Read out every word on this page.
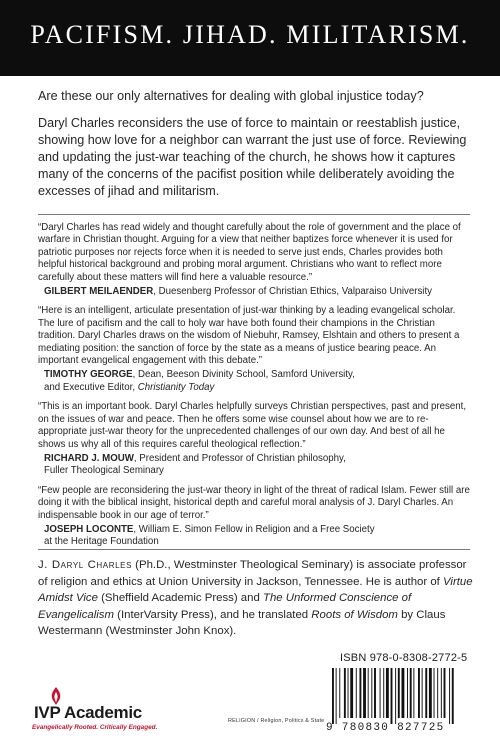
PACIFISM. JIHAD. MILITARISM.

Are these our only alternatives for dealing with global injustice today?

Daryl Charles reconsiders the use of force to maintain or reestablish justice, showing how love for a neighbor can warrant the just use of force. Reviewing and updating the just-war teaching of the church, he shows how it captures many of the concerns of the pacifist position while deliberately avoiding the excesses of jihad and militarism.

“Daryl Charles has read widely and thought carefully about the role of government and the place of warfare in Christian thought. Arguing for a view that neither baptizes force whenever it is used for patriotic purposes nor rejects force when it is needed to serve just ends, Charles provides both helpful historical background and probing moral argument. Christians who want to reflect more carefully about these matters will find here a valuable resource.”
GILBERT MEILAENDER, Duesenberg Professor of Christian Ethics, Valparaiso University
“Here is an intelligent, articulate presentation of just-war thinking by a leading evangelical scholar. The lure of pacifism and the call to holy war have both found their champions in the Christian tradition. Daryl Charles draws on the wisdom of Niebuhr, Ramsey, Elshtain and others to present a mediating position: the sanction of force by the state as a means of justice bearing peace. An important evangelical engagement with this debate.”
TIMOTHY GEORGE, Dean, Beeson Divinity School, Samford University,
and Executive Editor, Christianity Today
“This is an important book. Daryl Charles helpfully surveys Christian perspectives, past and present, on the issues of war and peace. Then he offers some wise counsel about how we are to re-appropriate just-war theory for the unprecedented challenges of our own day. And best of all he shows us why all of this requires careful theological reflection.”
RICHARD J. MOUW, President and Professor of Christian philosophy,
Fuller Theological Seminary
“Few people are reconsidering the just-war theory in light of the threat of radical Islam. Fewer still are doing it with the biblical insight, historical depth and careful moral analysis of J. Daryl Charles. An indispensable book in our age of terror.”
JOSEPH LOCONTE, William E. Simon Fellow in Religion and a Free Society
at the Heritage Foundation
J. Daryl Charles (Ph.D., Westminster Theological Seminary) is associate professor of religion and ethics at Union University in Jackson, Tennessee. He is author of Virtue Amidst Vice (Sheffield Academic Press) and The Unformed Conscience of Evangelicalism (InterVarsity Press), and he translated Roots of Wisdom by Claus Westermann (Westminster John Knox).
IVP Academic
Evangelically Rooted. Critically Engaged.
RELIGION / Religion, Politics & State
ISBN 978-0-8308-2772-5
9 780830 827725
